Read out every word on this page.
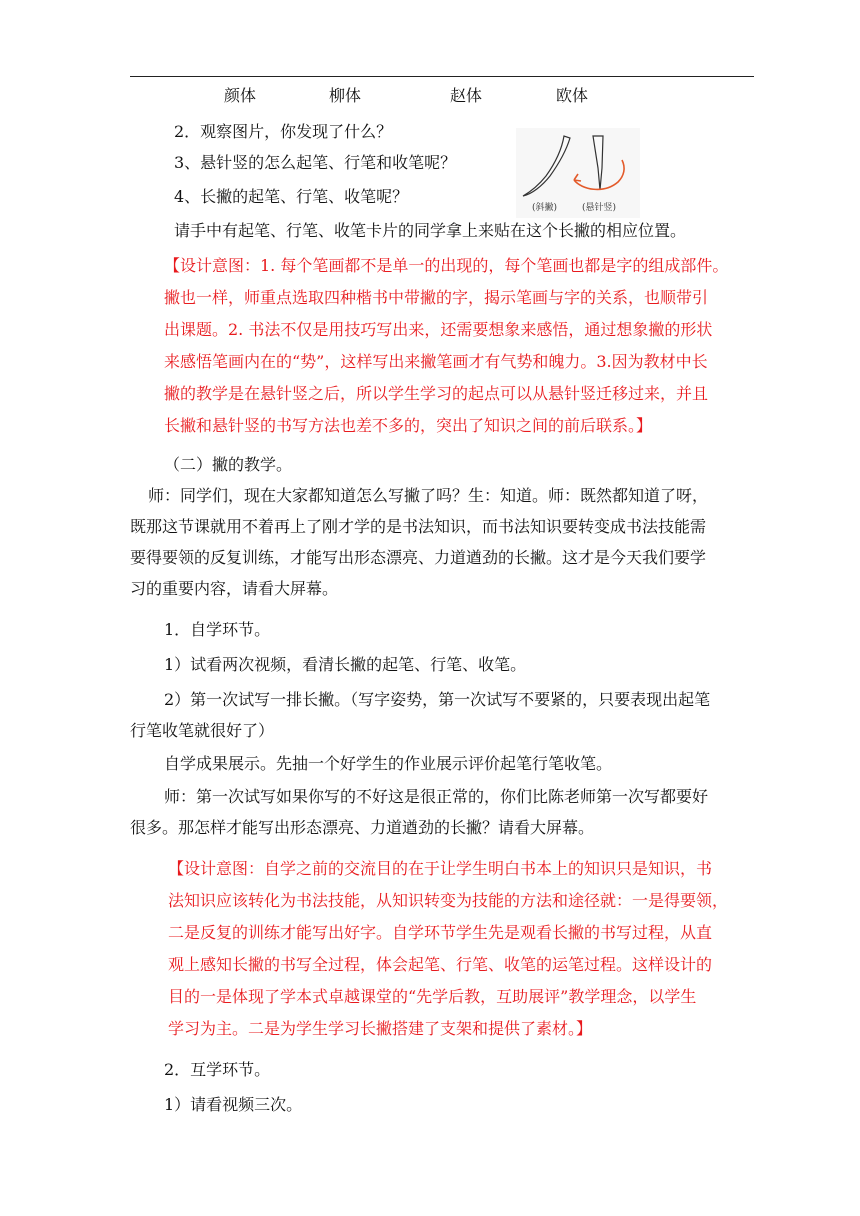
颜体	柳体	赵体	欧体
(斜撇)	(悬针竖)
2．观察图片，你发现了什么？
3、悬针竖的怎么起笔、行笔和收笔呢？
4、长撇的起笔、行笔、收笔呢？
请手中有起笔、行笔、收笔卡片的同学拿上来贴在这个长撇的相应位置。
【设计意图：1. 每个笔画都不是单一的出现的，每个笔画也都是字的组成部件。
撇也一样，师重点选取四种楷书中带撇的字，揭示笔画与字的关系，也顺带引
出课题。2. 书法不仅是用技巧写出来，还需要想象来感悟，通过想象撇的形状
来感悟笔画内在的“势”，这样写出来撇笔画才有气势和魄力。3.因为教材中长
撇的教学是在悬针竖之后，所以学生学习的起点可以从悬针竖迁移过来，并且
长撇和悬针竖的书写方法也差不多的，突出了知识之间的前后联系。】
（二）撇的教学。
师：同学们，现在大家都知道怎么写撇了吗？生：知道。师：既然都知道了呀，
既那这节课就用不着再上了刚才学的是书法知识，而书法知识要转变成书法技能需
要得要领的反复训练，才能写出形态漂亮、力道遒劲的长撇。这才是今天我们要学
习的重要内容，请看大屏幕。
1．自学环节。
1）试看两次视频，看清长撇的起笔、行笔、收笔。
2）第一次试写一排长撇。（写字姿势，第一次试写不要紧的，只要表现出起笔
行笔收笔就很好了）
自学成果展示。先抽一个好学生的作业展示评价起笔行笔收笔。
师：第一次试写如果你写的不好这是很正常的，你们比陈老师第一次写都要好
很多。那怎样才能写出形态漂亮、力道遒劲的长撇？请看大屏幕。
【设计意图：自学之前的交流目的在于让学生明白书本上的知识只是知识，书
法知识应该转化为书法技能，从知识转变为技能的方法和途径就：一是得要领，
二是反复的训练才能写出好字。自学环节学生先是观看长撇的书写过程，从直
观上感知长撇的书写全过程，体会起笔、行笔、收笔的运笔过程。这样设计的
目的一是体现了学本式卓越课堂的“先学后教，互助展评”教学理念，以学生
学习为主。二是为学生学习长撇搭建了支架和提供了素材。】
2．互学环节。
1）请看视频三次。
